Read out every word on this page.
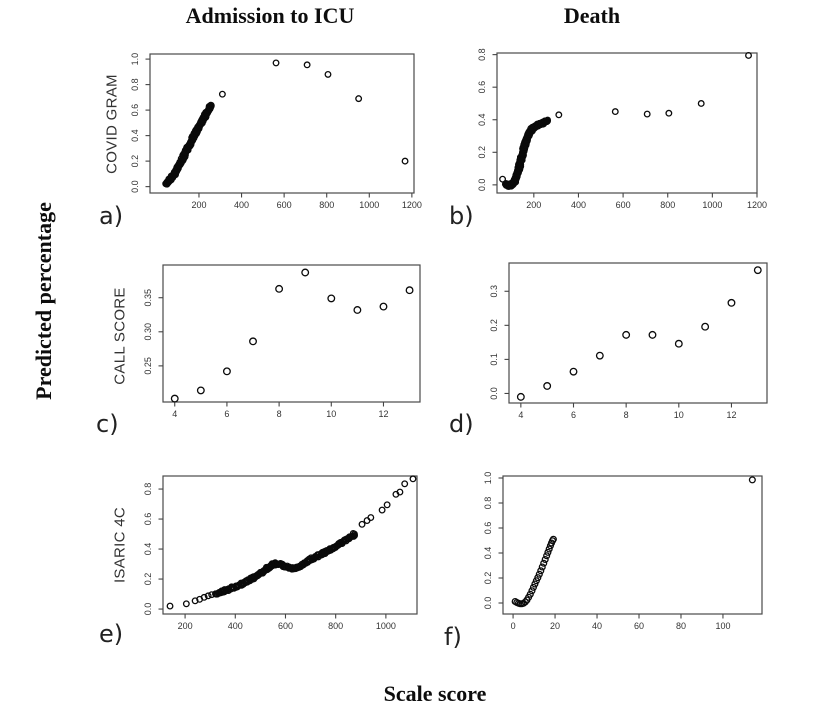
Admission to ICU	Death
Predicted percentage
Scale score
COVID GRAM
CALL SCORE
ISARIC 4C
a)	b)
c)	d)
e)	f)
200	400	600	800	1000	1200
0.0
0.2
0.4
0.6
0.8
1.0
200	400	600	800	1000	1200
0.0
0.2
0.4
0.6
0.8
4	6	8	10	12
0.25
0.30
0.35
4	6	8	10	12
0.0
0.1
0.2
0.3
200	400	600	800	1000
0.0
0.2
0.4
0.6
0.8
0	20	40	60	80	100
0.0
0.2
0.4
0.6
0.8
1.0
